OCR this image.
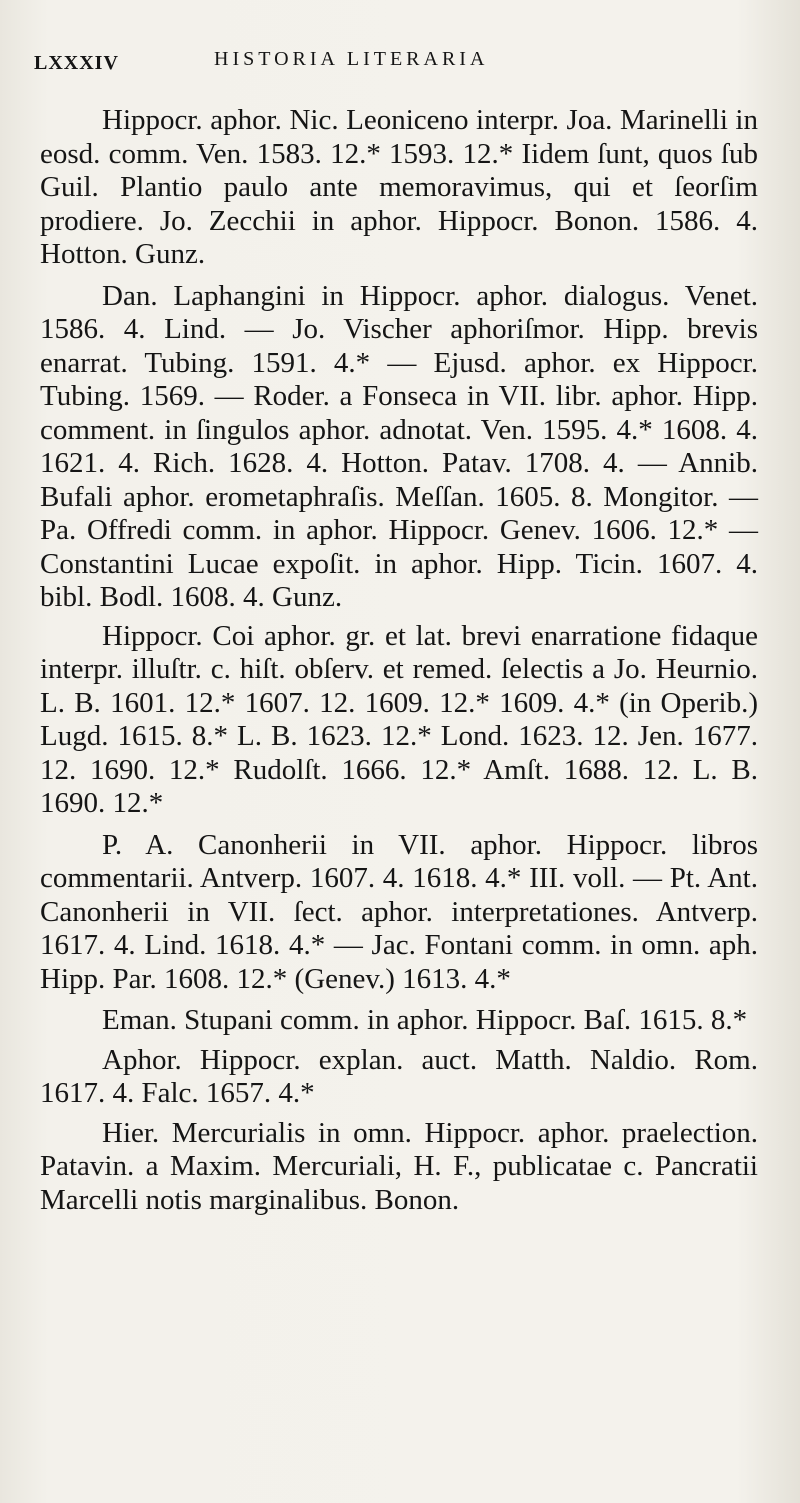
LXXXIV	HISTORIA LITERARIA

Hippocr. aphor. Nic. Leoniceno interpr. Joa. Marinelli in eosd. comm. Ven. 1583. 12.* 1593. 12.* Iidem ſunt, quos ſub Guil. Plantio paulo ante memoravimus, qui et ſeorſim prodiere. Jo. Zecchii in aphor. Hippocr. Bonon. 1586. 4. Hotton. Gunz.

Dan. Laphangini in Hippocr. aphor. dialogus. Venet. 1586. 4. Lind. — Jo. Vischer aphoriſmor. Hipp. brevis enarrat. Tubing. 1591. 4.* — Ejusd. aphor. ex Hippocr. Tubing. 1569. — Roder. a Fonseca in VII. libr. aphor. Hipp. comment. in ſingulos aphor. adnotat. Ven. 1595. 4.* 1608. 4. 1621. 4. Rich. 1628. 4. Hotton. Patav. 1708. 4. — Annib. Bufali aphor. erometaphraſis. Meſſan. 1605. 8. Mongitor. — Pa. Offredi comm. in aphor. Hippocr. Genev. 1606. 12.* — Constantini Lucae expoſit. in aphor. Hipp. Ticin. 1607. 4. bibl. Bodl. 1608. 4. Gunz.

Hippocr. Coi aphor. gr. et lat. brevi enarratione fidaque interpr. illuſtr. c. hiſt. obſerv. et remed. ſelectis a Jo. Heurnio. L. B. 1601. 12.* 1607. 12. 1609. 12.* 1609. 4.* (in Operib.) Lugd. 1615. 8.* L. B. 1623. 12.* Lond. 1623. 12. Jen. 1677. 12. 1690. 12.* Rudolſt. 1666. 12.* Amſt. 1688. 12. L. B. 1690. 12.*

P. A. Canonherii in VII. aphor. Hippocr. libros commentarii. Antverp. 1607. 4. 1618. 4.* III. voll. — Pt. Ant. Canonherii in VII. ſect. aphor. interpretationes. Antverp. 1617. 4. Lind. 1618. 4.* — Jac. Fontani comm. in omn. aph. Hipp. Par. 1608. 12.* (Genev.) 1613. 4.*

Eman. Stupani comm. in aphor. Hippocr. Baſ. 1615. 8.*

Aphor. Hippocr. explan. auct. Matth. Naldio. Rom. 1617. 4. Falc. 1657. 4.*

Hier. Mercurialis in omn. Hippocr. aphor. praelection. Patavin. a Maxim. Mercuriali, H. F., publicatae c. Pancratii Marcelli notis marginalibus. Bonon.
